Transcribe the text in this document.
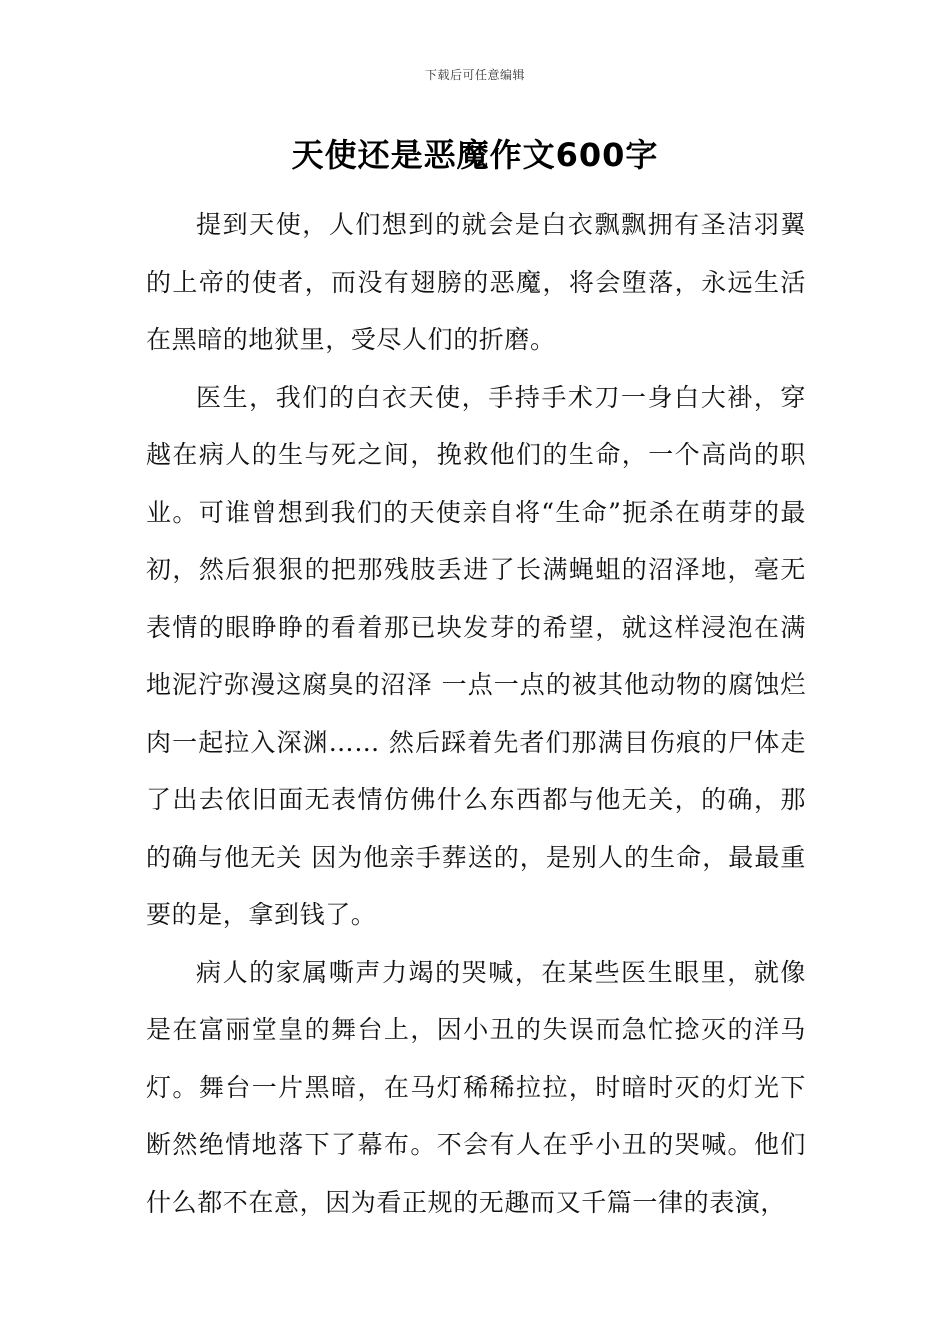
下载后可任意编辑
天使还是恶魔作文600字

提到天使，人们想到的就会是白衣飘飘拥有圣洁羽翼的上帝的使者，而没有翅膀的恶魔，将会堕落，永远生活在黑暗的地狱里，受尽人们的折磨。

医生，我们的白衣天使，手持手术刀一身白大褂，穿越在病人的生与死之间，挽救他们的生命，一个高尚的职业。可谁曾想到我们的天使亲自将“生命”扼杀在萌芽的最初，然后狠狠的把那残肢丢进了长满蝇蛆的沼泽地，毫无表情的眼睁睁的看着那已块发芽的希望，就这样浸泡在满地泥泞弥漫这腐臭的沼泽 一点一点的被其他动物的腐蚀烂肉一起拉入深渊…… 然后踩着先者们那满目伤痕的尸体走了出去依旧面无表情仿佛什么东西都与他无关，的确，那的确与他无关 因为他亲手葬送的，是别人的生命，最最重要的是，拿到钱了。

病人的家属嘶声力竭的哭喊，在某些医生眼里，就像是在富丽堂皇的舞台上，因小丑的失误而急忙捻灭的洋马灯。舞台一片黑暗，在马灯稀稀拉拉，时暗时灭的灯光下断然绝情地落下了幕布。不会有人在乎小丑的哭喊。他们什么都不在意，因为看正规的无趣而又千篇一律的表演，
